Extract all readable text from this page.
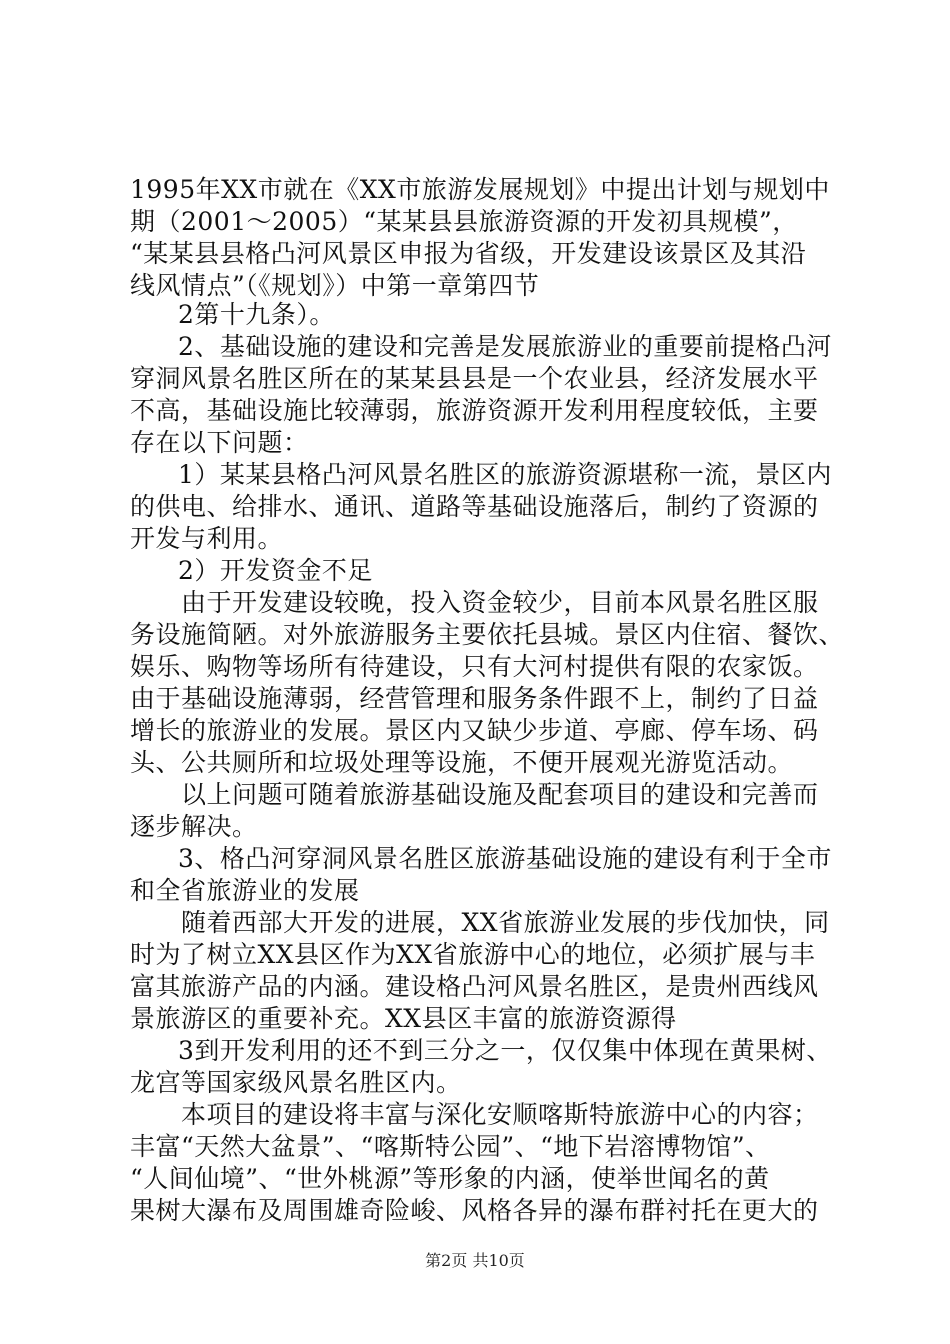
1995年XX市就在《XX市旅游发展规划》中提出计划与规划中
期（2001～2005）“某某县县旅游资源的开发初具规模”，
“某某县县格凸河风景区申报为省级，开发建设该景区及其沿
线风情点”（《规划》）中第一章第四节
2第十九条）。
2、基础设施的建设和完善是发展旅游业的重要前提格凸河
穿洞风景名胜区所在的某某县县是一个农业县，经济发展水平
不高，基础设施比较薄弱，旅游资源开发利用程度较低，主要
存在以下问题：
1）某某县格凸河风景名胜区的旅游资源堪称一流，景区内
的供电、给排水、通讯、道路等基础设施落后，制约了资源的
开发与利用。
2）开发资金不足
由于开发建设较晚，投入资金较少，目前本风景名胜区服
务设施简陋。对外旅游服务主要依托县城。景区内住宿、餐饮、
娱乐、购物等场所有待建设，只有大河村提供有限的农家饭。
由于基础设施薄弱，经营管理和服务条件跟不上，制约了日益
增长的旅游业的发展。景区内又缺少步道、亭廊、停车场、码
头、公共厕所和垃圾处理等设施，不便开展观光游览活动。
以上问题可随着旅游基础设施及配套项目的建设和完善而
逐步解决。
3、格凸河穿洞风景名胜区旅游基础设施的建设有利于全市
和全省旅游业的发展
随着西部大开发的进展，XX省旅游业发展的步伐加快，同
时为了树立XX县区作为XX省旅游中心的地位，必须扩展与丰
富其旅游产品的内涵。建设格凸河风景名胜区，是贵州西线风
景旅游区的重要补充。XX县区丰富的旅游资源得
3到开发利用的还不到三分之一，仅仅集中体现在黄果树、
龙宫等国家级风景名胜区内。
本项目的建设将丰富与深化安顺喀斯特旅游中心的内容；
丰富“天然大盆景”、“喀斯特公园”、“地下岩溶博物馆”、
“人间仙境”、“世外桃源”等形象的内涵，使举世闻名的黄
果树大瀑布及周围雄奇险峻、风格各异的瀑布群衬托在更大的
第2页 共10页
